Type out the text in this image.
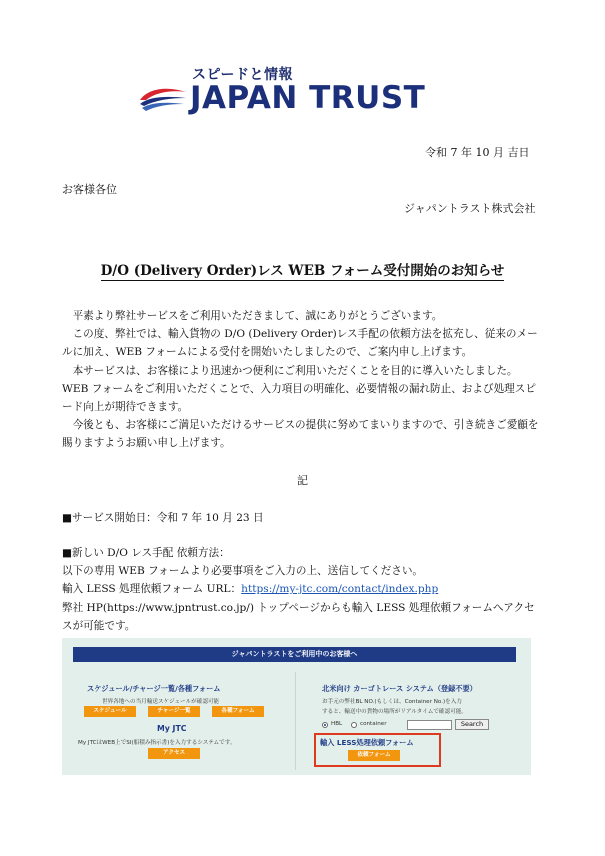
スピードと情報
JAPAN TRUST
令和 7 年 10 月 吉日
お客様各位
ジャパントラスト株式会社
D/O (Delivery Order)レス WEB フォーム受付開始のお知らせ

　平素より弊社サービスをご利用いただきまして、誠にありがとうございます。

　この度、弊社では、輸入貨物の D/O (Delivery Order)レス手配の依頼方法を拡充し、従来のメールに加え、WEB フォームによる受付を開始いたしましたので、ご案内申し上げます。

　本サービスは、お客様により迅速かつ便利にご利用いただくことを目的に導入いたしました。WEB フォームをご利用いただくことで、入力項目の明確化、必要情報の漏れ防止、および処理スピード向上が期待できます。

　今後とも、お客様にご満足いただけるサービスの提供に努めてまいりますので、引き続きご愛顧を賜りますようお願い申し上げます。

記
■サービス開始日：令和 7 年 10 月 23 日

■新しい D/O レス手配 依頼方法：

以下の専用 WEB フォームより必要事項をご入力の上、送信してください。

輸入 LESS 処理依頼フォーム URL：https://my-jtc.com/contact/index.php

弊社 HP(https://www.jpntrust.co.jp/) トップページからも輸入 LESS 処理依頼フォームへアクセスが可能です。

ジャパントラストをご利用中のお客様へ
スケジュール/チャージ一覧/各種フォーム
世界各地への当月輸送スケジュールが確認可能
スケジュール	チャージ一覧	各種フォーム
My JTC
My JTCはWEB上でSI(船積み指示書)を入力するシステムです。
アクセス
北米向け カーゴトレース システム（登録不要）
お手元の弊社BL NO.(もしくは、Container No.)を入力
すると、輸送中の貨物の場所がリアルタイムで確認可能。
HBL	container	Search
輸入 LESS処理依頼フォーム
依頼フォーム
